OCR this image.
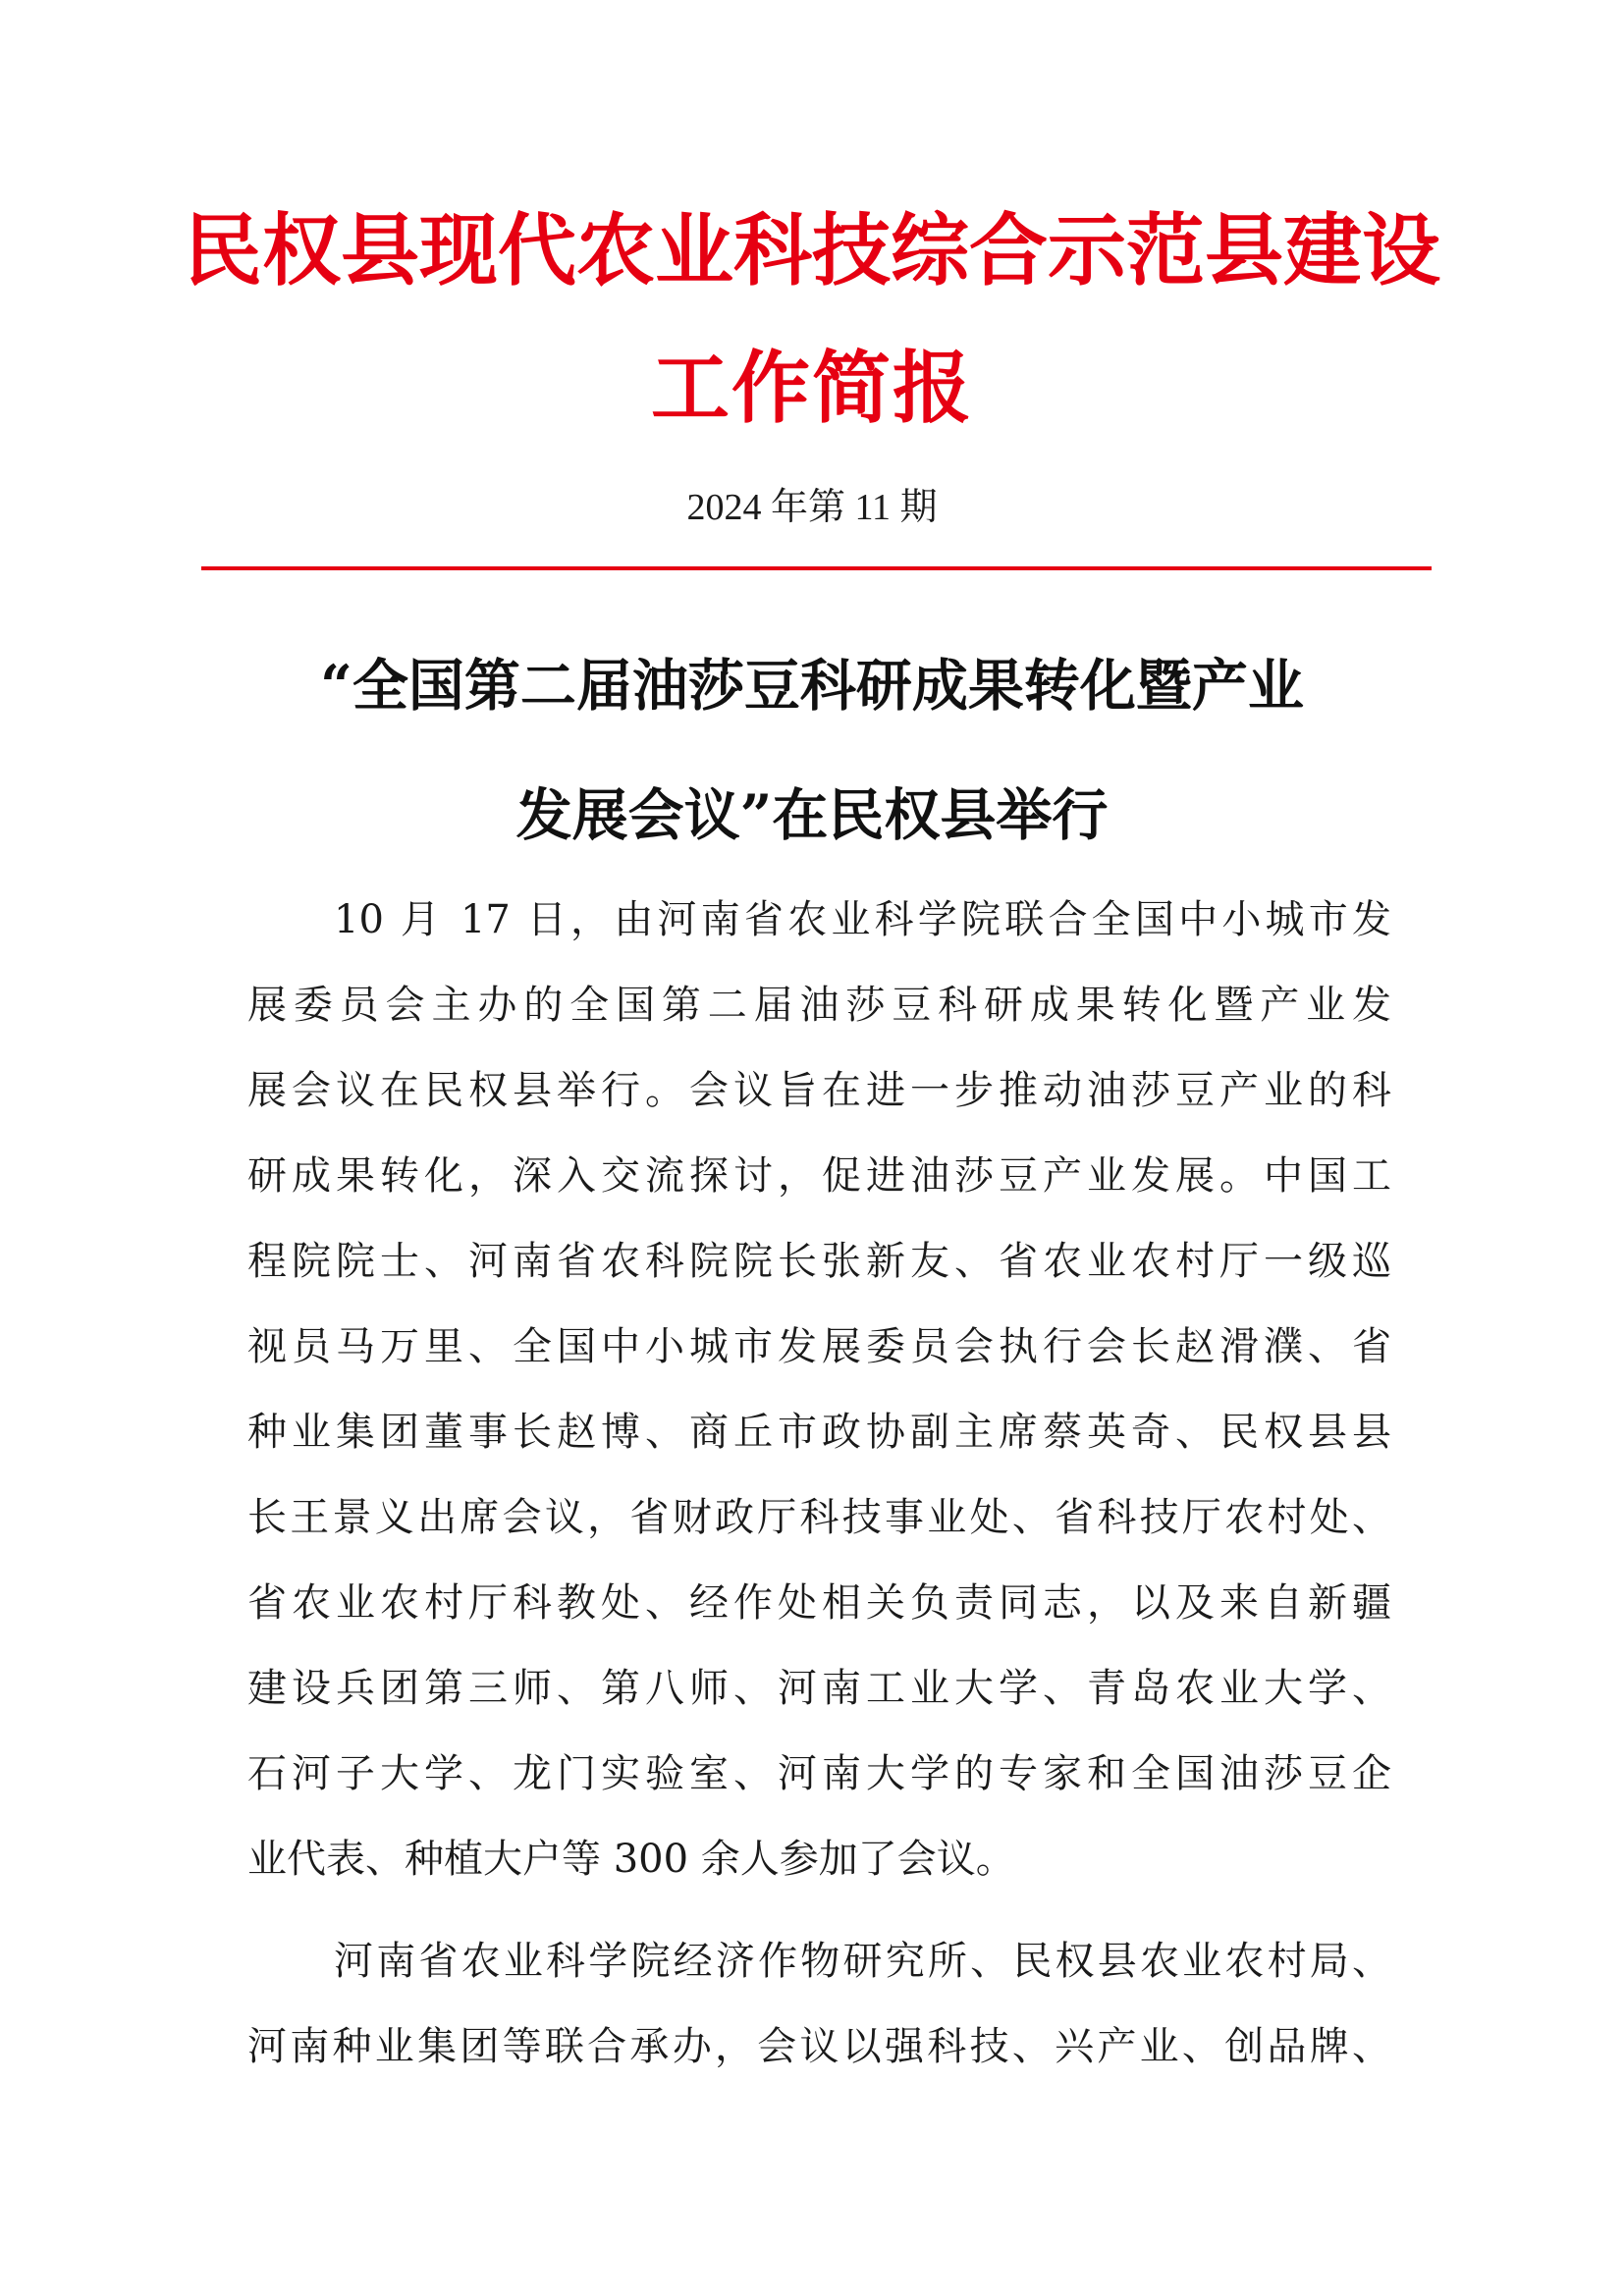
民权县现代农业科技综合示范县建设
工作简报
2024 年第 11 期
“全国第二届油莎豆科研成果转化暨产业
发展会议”在民权县举行
10 月 17 日，由河南省农业科学院联合全国中小城市发
展委员会主办的全国第二届油莎豆科研成果转化暨产业发
展会议在民权县举行。会议旨在进一步推动油莎豆产业的科
研成果转化，深入交流探讨，促进油莎豆产业发展。中国工
程院院士、河南省农科院院长张新友、省农业农村厅一级巡
视员马万里、全国中小城市发展委员会执行会长赵滑濮、省
种业集团董事长赵博、商丘市政协副主席蔡英奇、民权县县
长王景义出席会议，省财政厅科技事业处、省科技厅农村处、
省农业农村厅科教处、经作处相关负责同志，以及来自新疆
建设兵团第三师、第八师、河南工业大学、青岛农业大学、
石河子大学、龙门实验室、河南大学的专家和全国油莎豆企
业代表、种植大户等 300 余人参加了会议。
河南省农业科学院经济作物研究所、民权县农业农村局、
河南种业集团等联合承办，会议以强科技、兴产业、创品牌、
